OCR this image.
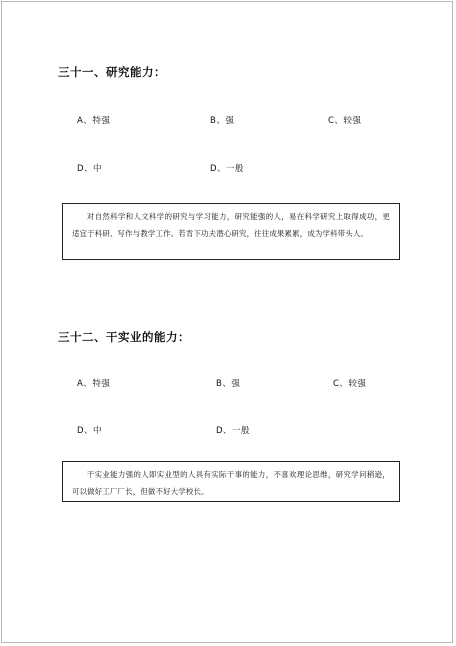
三十一、研究能力：
A、特强	B、强	C、较强
D、中	D、一般
对自然科学和人文科学的研究与学习能力，研究能强的人，易在科学研究上取得成功，更适宜于科研、写作与教学工作。若肯下功夫潜心研究，往往成果累累，成为学科带头人。
三十二、干实业的能力：
A、特强	B、强	C、较强
D、中	D、一般
干实业能力强的人即实业型的人具有实际干事的能力，不喜欢理论思维，研究学问稍逊，可以做好工厂厂长，但做不好大学校长。
